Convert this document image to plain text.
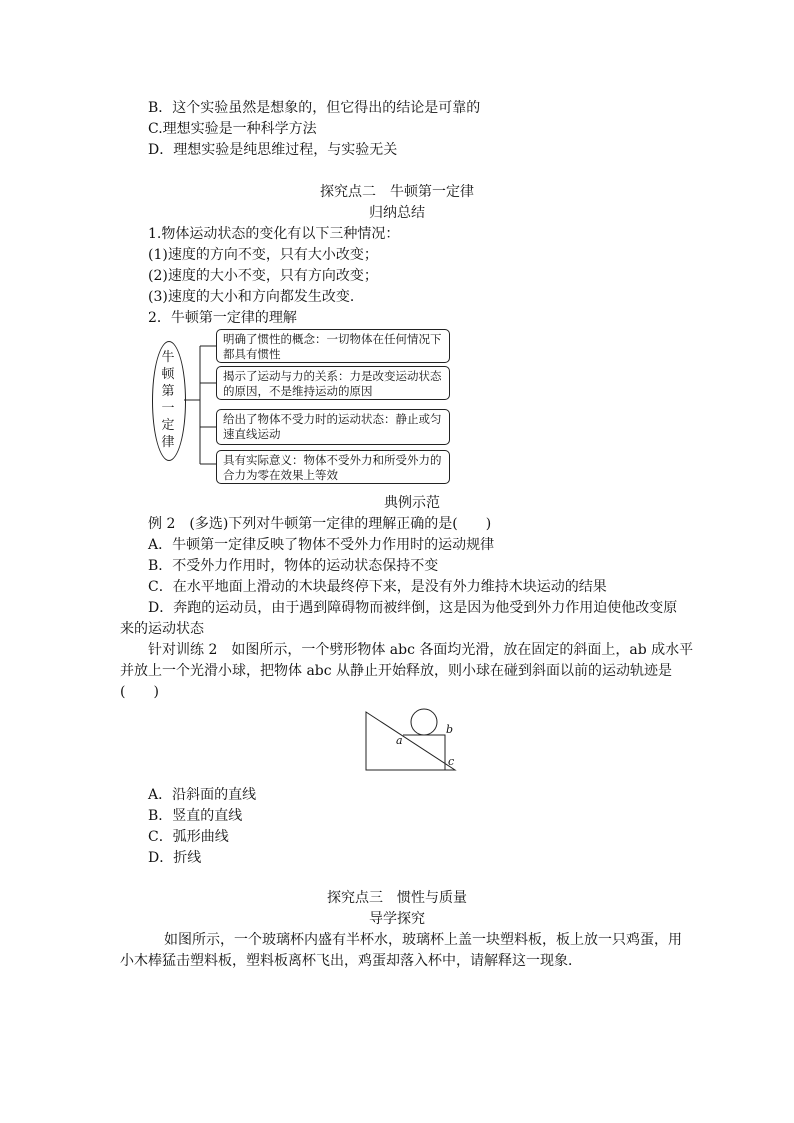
B．这个实验虽然是想象的，但它得出的结论是可靠的
C.理想实验是一种科学方法
D．理想实验是纯思维过程，与实验无关
探究点二　牛顿第一定律
归纳总结
1.物体运动状态的变化有以下三种情况：
(1)速度的方向不变，只有大小改变；
(2)速度的大小不变，只有方向改变；
(3)速度的大小和方向都发生改变．
2．牛顿第一定律的理解
牛
顿
第
一
定
律
明确了惯性的概念：一切物体在任何情况下都具有惯性
揭示了运动与力的关系：力是改变运动状态的原因，不是维持运动的原因
给出了物体不受力时的运动状态：静止或匀速直线运动
具有实际意义：物体不受外力和所受外力的合力为零在效果上等效
典例示范
例 2　(多选)下列对牛顿第一定律的理解正确的是(　　)
A．牛顿第一定律反映了物体不受外力作用时的运动规律
B．不受外力作用时，物体的运动状态保持不变
C．在水平地面上滑动的木块最终停下来，是没有外力维持木块运动的结果
D．奔跑的运动员，由于遇到障碍物而被绊倒，这是因为他受到外力作用迫使他改变原
来的运动状态
针对训练 2　如图所示，一个劈形物体 abc 各面均光滑，放在固定的斜面上，ab 成水平
并放上一个光滑小球，把物体 abc 从静止开始释放，则小球在碰到斜面以前的运动轨迹是
(　　)
a
b
c
A．沿斜面的直线
B．竖直的直线
C．弧形曲线
D．折线
探究点三　惯性与质量
导学探究
　　如图所示，一个玻璃杯内盛有半杯水，玻璃杯上盖一块塑料板，板上放一只鸡蛋，用
小木棒猛击塑料板，塑料板离杯飞出，鸡蛋却落入杯中，请解释这一现象．
